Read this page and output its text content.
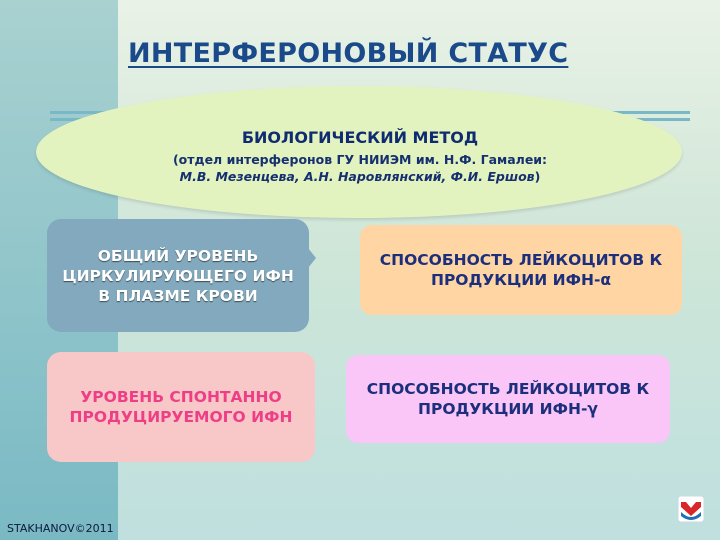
ИНТЕРФЕРОНОВЫЙ СТАТУС
БИОЛОГИЧЕСКИЙ МЕТОД
(отдел интерферонов ГУ НИИЭМ им. Н.Ф. Гамалеи:
М.В. Мезенцева, А.Н. Наровлянский, Ф.И. Ершов)
ОБЩИЙ УРОВЕНЬ ЦИРКУЛИРУЮЩЕГО ИФН В ПЛАЗМЕ КРОВИ
СПОСОБНОСТЬ ЛЕЙКОЦИТОВ К ПРОДУКЦИИ ИФН-α
УРОВЕНЬ СПОНТАННО ПРОДУЦИРУЕМОГО ИФН
СПОСОБНОСТЬ ЛЕЙКОЦИТОВ К ПРОДУКЦИИ ИФН-γ
STAKHANOV©2011
